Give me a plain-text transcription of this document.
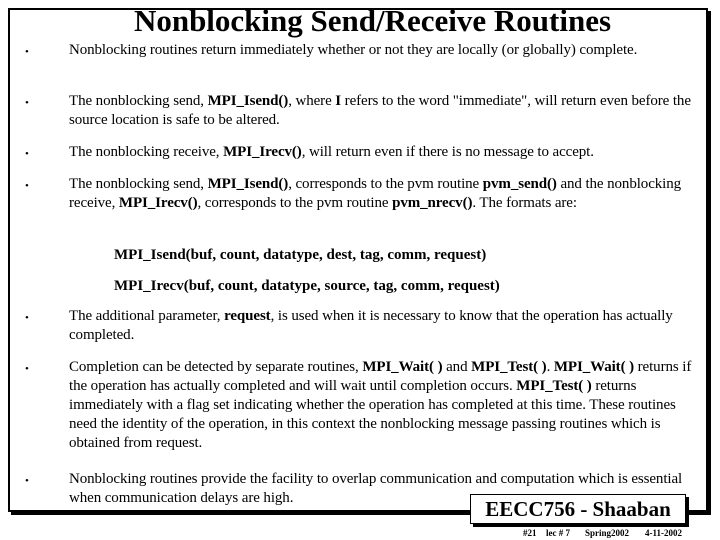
Nonblocking Send/Receive Routines
•	Nonblocking routines return immediately whether or not they are locally (or globally) complete.
•	The nonblocking send, MPI_Isend(), where I refers to the word "immediate", will return even before the source location is safe to be altered.
•	The nonblocking receive, MPI_Irecv(), will return even if there is no message to accept.
•	The nonblocking send, MPI_Isend(), corresponds to the pvm routine pvm_send() and the nonblocking receive, MPI_Irecv(), corresponds to the pvm routine pvm_nrecv(). The formats are:
MPI_Isend(buf, count, datatype, dest, tag, comm, request)
MPI_Irecv(buf, count, datatype, source, tag, comm, request)
•	The additional parameter, request, is used when it is necessary to know that the operation has actually completed.
•	Completion can be detected by separate routines, MPI_Wait( ) and MPI_Test( ). MPI_Wait( ) returns if the operation has actually completed and will wait until completion occurs. MPI_Test( ) returns immediately with a flag set indicating whether the operation has completed at this time. These routines need the identity of the operation, in this context the nonblocking message passing routines which is obtained from request.
•	Nonblocking routines provide the facility to overlap communication and computation which is essential when communication delays are high.	EECC756 - Shaaban
#21 lec # 7 Spring2002 4-11-2002
